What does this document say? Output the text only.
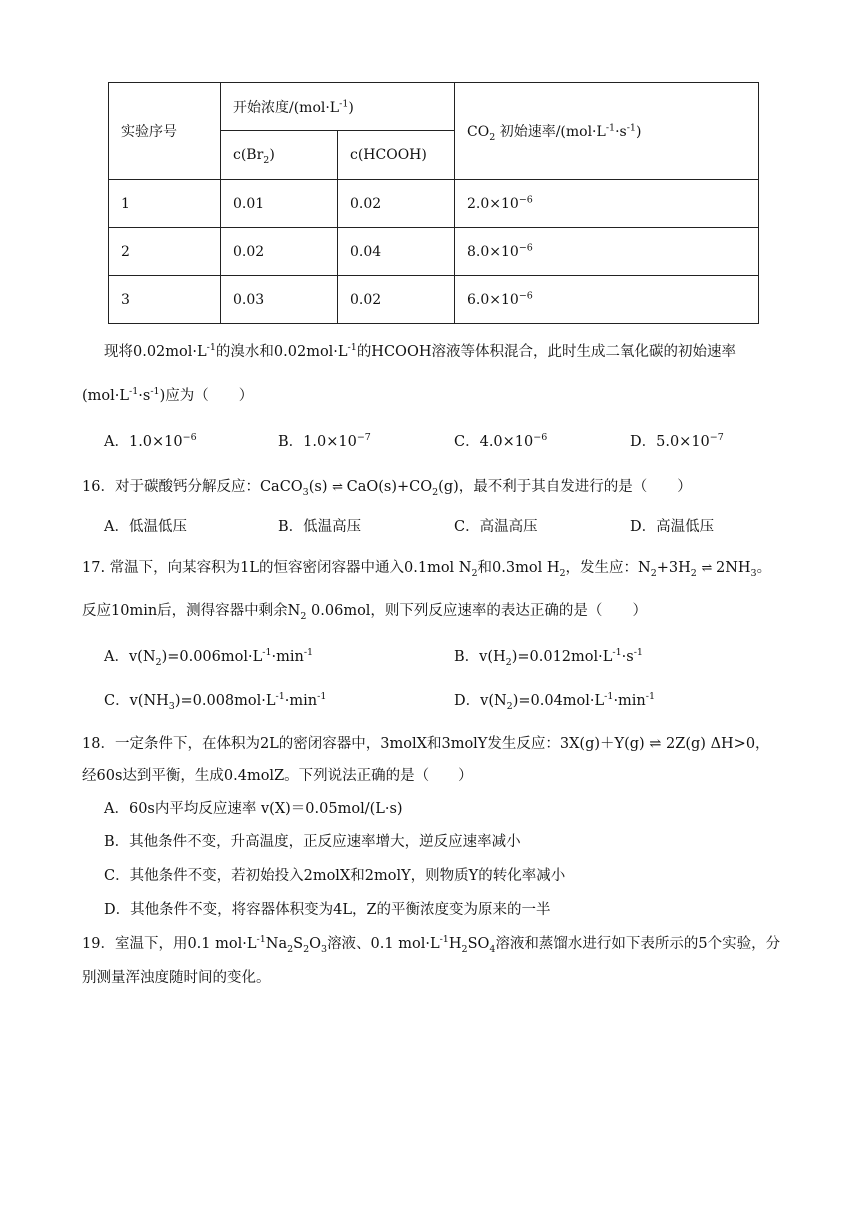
实验序号	开始浓度$/(mol\cdot L^{-1})$		$CO_2$ 初始速率$/(mol\cdot L^{-1}\cdot s^{-1})$
	$c(Br_2)$	c(HCOOH)	
1	0.01	0.02	$2.0\times 10^{-6}$
2	0.02	0.04	$8.0\times 10^{-6}$
3	0.03	0.02	$6.0\times 10^{-6}$
现将$0.02mol\cdot L^{-1}$的溴水和$0.02mol\cdot L^{-1}$的HCOOH溶液等体积混合，此时生成二氧化碳的初始速率
$(mol\cdot L^{-1}\cdot s^{-1})$应为（ ）
A．$1.0\times 10^{-6}$	B．$1.0\times 10^{-7}$	C．$4.0\times 10^{-6}$	D．$5.0\times 10^{-7}$
16．对于碳酸钙分解反应：CaCO$_3$(s) ⇌ $CaO(s)+CO_2(g)$，最不利于其自发进行的是（ ）
A．低温低压	B．低温高压	C．高温高压	D．高温低压
17. 常温下，向某容积为1L的恒容密闭容器中通入0.1mol $N_2$和0.3mol $H_2$，发生应：$N_2+3H_2$ ⇌ $2NH_3$。
反应10min后，测得容器中剩余$N_2$ 0.06mol，则下列反应速率的表达正确的是（ ）
A．$v(N_2)=0.006mol\cdot L^{-1}\cdot\min^{-1}$	B．$v(H_2)=0.012mol\cdot L^{-1}\cdot s^{-1}$
C．$v(NH_3)=0.008mol\cdot L^{-1}\cdot\min^{-1}$	D．$v(N_2)=0.04mol\cdot L^{-1}\cdot\min^{-1}$
18．一定条件下，在体积为2L的密闭容器中，3molX和3molY发生反应：3X(g)＋Y(g) ⇌ 2Z(g) ΔH>0，
经60s达到平衡，生成0.4molZ。下列说法正确的是（　　）
A．60s内平均反应速率 v(X)＝0.05mol/(L·s)
B．其他条件不变，升高温度，正反应速率增大，逆反应速率减小
C．其他条件不变，若初始投入2molX和2molY，则物质Y的转化率减小
D．其他条件不变，将容器体积变为4L，Z的平衡浓度变为原来的一半
19．室温下，用0.1 $mol\cdot L^{-1}Na_2S_2O_3$溶液、0.1 $mol\cdot L^{-1}H_2SO_4$溶液和蒸馏水进行如下表所示的5个实验，分
别测量浑浊度随时间的变化。
